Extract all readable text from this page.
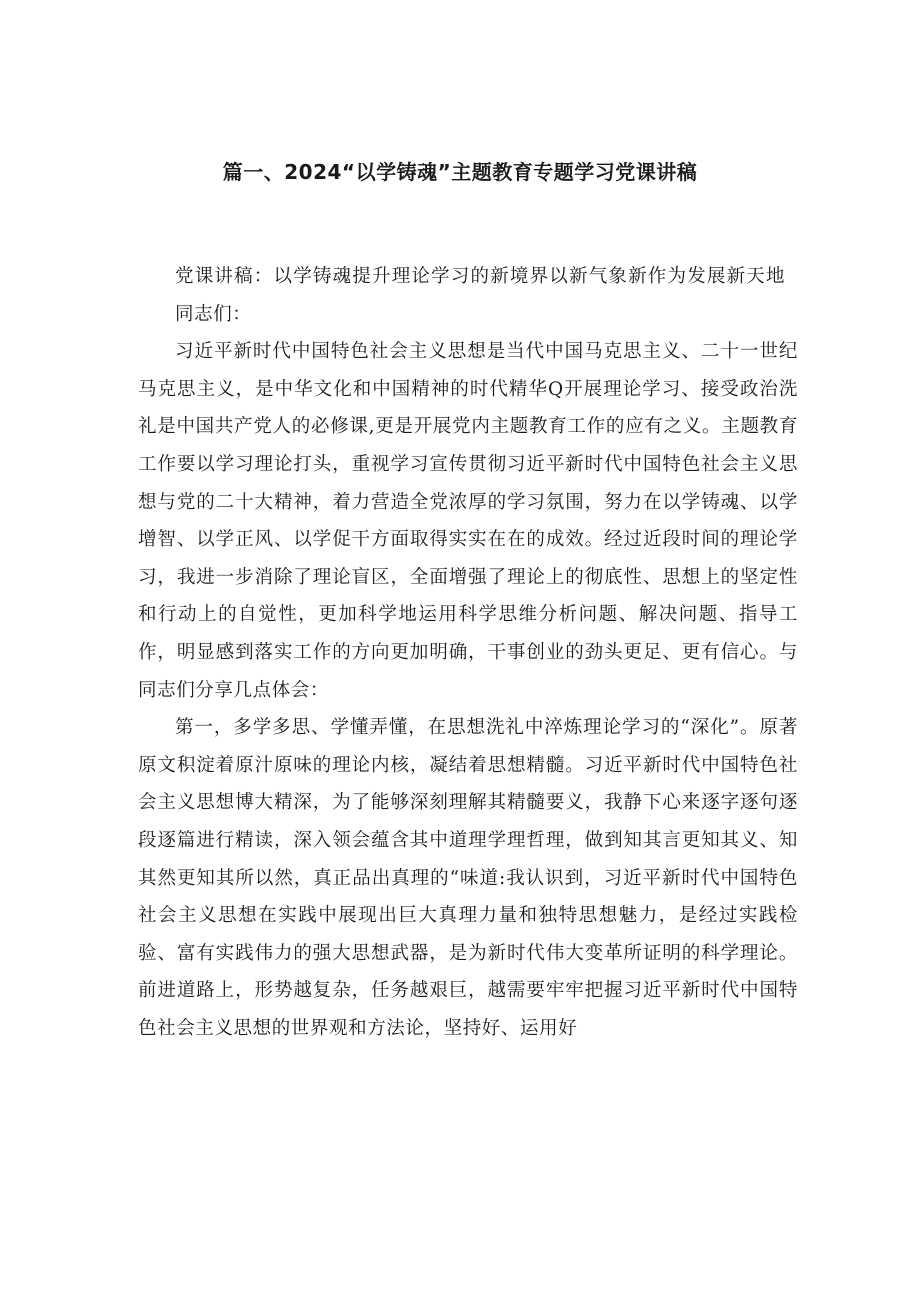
篇一、2024“以学铸魂”主题教育专题学习党课讲稿

党课讲稿：以学铸魂提升理论学习的新境界以新气象新作为发展新天地

同志们：

习近平新时代中国特色社会主义思想是当代中国马克思主义、二十一世纪马克思主义，是中华文化和中国精神的时代精华Q开展理论学习、接受政治洗礼是中国共产党人的必修课,更是开展党内主题教育工作的应有之义。主题教育工作要以学习理论打头，重视学习宣传贯彻习近平新时代中国特色社会主义思想与党的二十大精神，着力营造全党浓厚的学习氛围，努力在以学铸魂、以学增智、以学正风、以学促干方面取得实实在在的成效。经过近段时间的理论学习，我进一步消除了理论盲区，全面增强了理论上的彻底性、思想上的坚定性和行动上的自觉性，更加科学地运用科学思维分析问题、解决问题、指导工作，明显感到落实工作的方向更加明确，干事创业的劲头更足、更有信心。与同志们分享几点体会：

第一，多学多思、学懂弄懂，在思想洗礼中淬炼理论学习的“深化”。原著原文积淀着原汁原味的理论内核，凝结着思想精髓。习近平新时代中国特色社会主义思想博大精深，为了能够深刻理解其精髓要义，我静下心来逐字逐句逐段逐篇进行精读，深入领会蕴含其中道理学理哲理，做到知其言更知其义、知其然更知其所以然，真正品出真理的“味道:我认识到，习近平新时代中国特色社会主义思想在实践中展现出巨大真理力量和独特思想魅力，是经过实践检验、富有实践伟力的强大思想武器，是为新时代伟大变革所证明的科学理论。前进道路上，形势越复杂，任务越艰巨，越需要牢牢把握习近平新时代中国特色社会主义思想的世界观和方法论，坚持好、运用好
